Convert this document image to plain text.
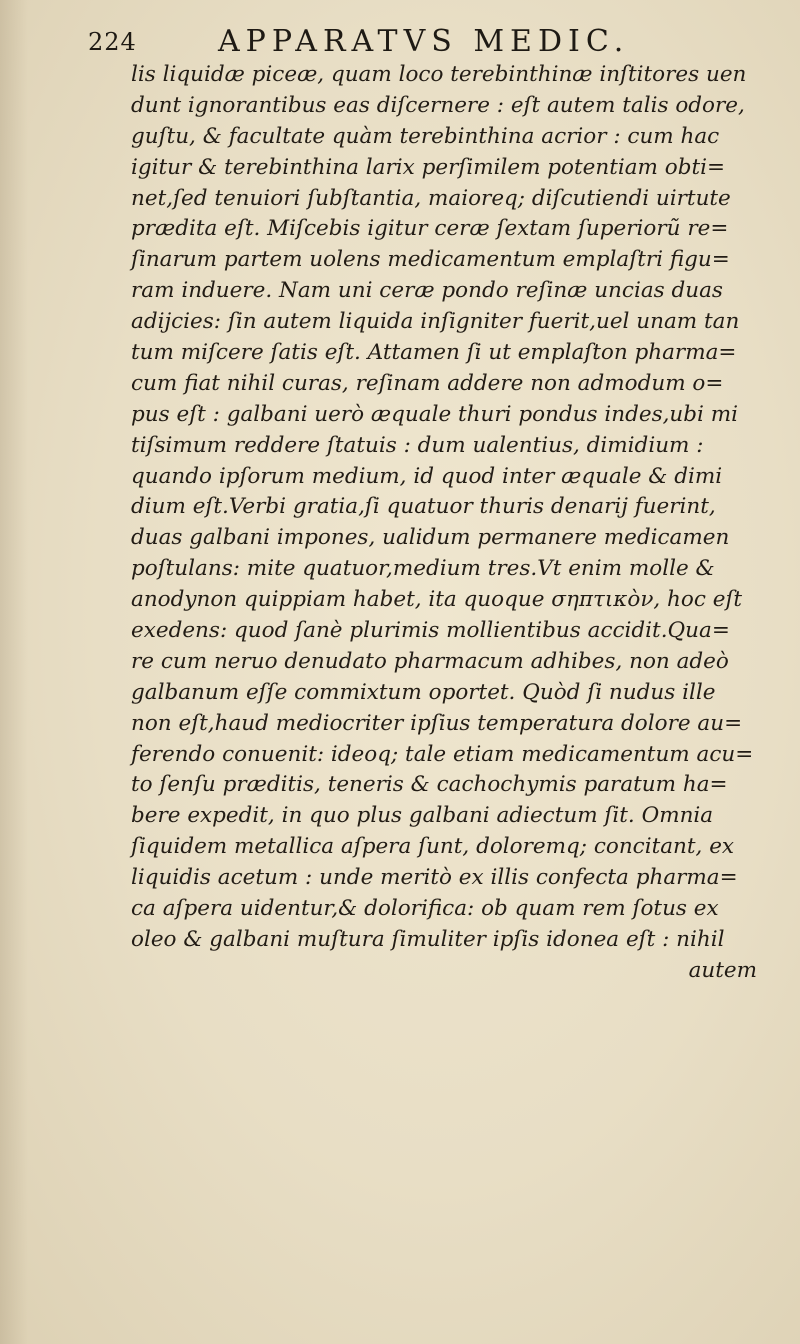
224	APPARATVS MEDIC.
lis liquidæ piceæ, quam loco terebinthinæ inſtitores uen
dunt ignorantibus eas diſcernere : eſt autem talis odore,
guſtu, & facultate quàm terebinthina acrior : cum hac
igitur & terebinthina larix perſimilem potentiam obti=
net,ſed tenuiori ſubſtantia, maioreq; diſcutiendi uirtute
prædita eſt. Miſcebis igitur ceræ ſextam ſuperiorũ re=
ſinarum partem uolens medicamentum emplaſtri figu=
ram induere. Nam uni ceræ pondo reſinæ uncias duas
adijcies: ſin autem liquida inſigniter fuerit,uel unam tan
tum miſcere ſatis eſt. Attamen ſi ut emplaſton pharma=
cum fiat nihil curas, reſinam addere non admodum o=
pus eſt : galbani uerò æquale thuri pondus indes,ubi mi
tiſsimum reddere ſtatuis : dum ualentius, dimidium :
quando ipſorum medium, id quod inter æquale & dimi
dium eſt.Verbi gratia,ſi quatuor thuris denarij fuerint,
duas galbani impones, ualidum permanere medicamen
poſtulans: mite quatuor,medium tres.Vt enim molle &
anodynon quippiam habet, ita quoque σηπτικὸν, hoc eſt
exedens: quod ſanè plurimis mollientibus accidit.Qua=
re cum neruo denudato pharmacum adhibes, non adeò
galbanum eſſe commixtum oportet. Quòd ſi nudus ille
non eſt,haud mediocriter ipſius temperatura dolore au=
ferendo conuenit: ideoq; tale etiam medicamentum acu=
to ſenſu præditis, teneris & cachochymis paratum ha=
bere expedit, in quo plus galbani adiectum ſit. Omnia
ſiquidem metallica aſpera ſunt, doloremq; concitant, ex
liquidis acetum : unde meritò ex illis confecta pharma=
ca aſpera uidentur,& dolorifica: ob quam rem ſotus ex
oleo & galbani muſtura ſimuliter ipſis idonea eſt : nihil
autem
